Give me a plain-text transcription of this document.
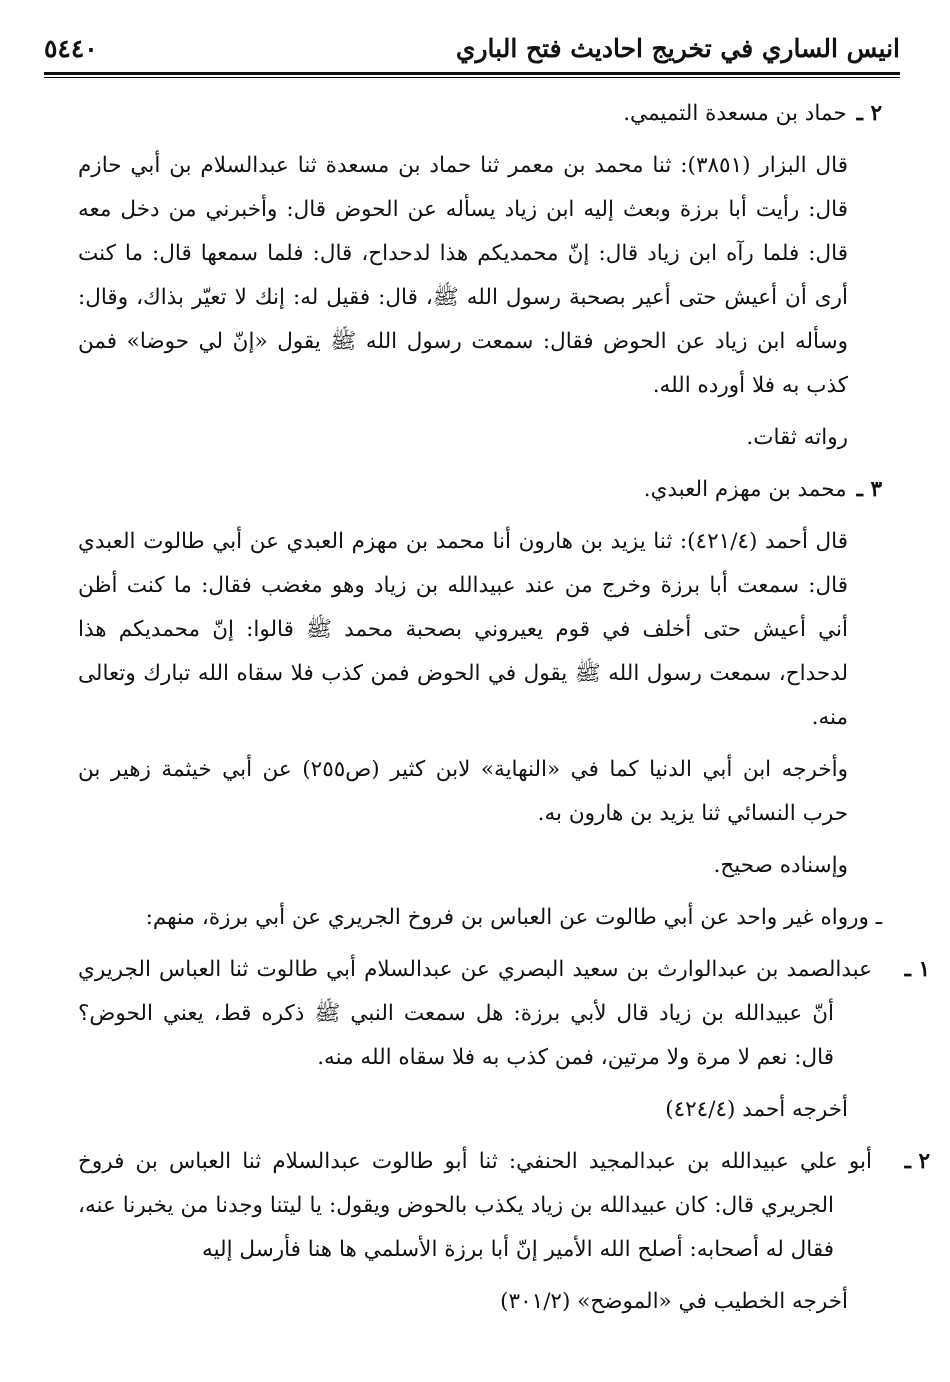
انيس الساري في تخريج احاديث فتح الباري
٥٤٤٠

٢ ـحماد بن مسعدة التميمي.

قال البزار (٣٨٥١): ثنا محمد بن معمر ثنا حماد بن مسعدة ثنا عبدالسلام بن أبي حازم قال: رأيت أبا برزة وبعث إليه ابن زياد يسأله عن الحوض قال: وأخبرني من دخل معه قال: فلما رآه ابن زياد قال: إنّ محمديكم هذا لدحداح، قال: فلما سمعها قال: ما كنت أرى أن أعيش حتى أعير بصحبة رسول الله ﷺ، قال: فقيل له: إنك لا تعيّر بذاك، وقال: وسأله ابن زياد عن الحوض فقال: سمعت رسول الله ﷺ يقول «إنّ لي حوضا» فمن كذب به فلا أورده الله.

رواته ثقات.

٣ ـمحمد بن مهزم العبدي.

قال أحمد (٤٢١/٤): ثنا يزيد بن هارون أنا محمد بن مهزم العبدي عن أبي طالوت العبدي قال: سمعت أبا برزة وخرج من عند عبيدالله بن زياد وهو مغضب فقال: ما كنت أظن أني أعيش حتى أخلف في قوم يعيروني بصحبة محمد ﷺ قالوا: إنّ محمديكم هذا لدحداح، سمعت رسول الله ﷺ يقول في الحوض فمن كذب فلا سقاه الله تبارك وتعالى منه.

وأخرجه ابن أبي الدنيا كما في «النهاية» لابن كثير (ص٢٥٥) عن أبي خيثمة زهير بن حرب النسائي ثنا يزيد بن هارون به.

وإسناده صحيح.

ـ ورواه غير واحد عن أبي طالوت عن العباس بن فروخ الجريري عن أبي برزة، منهم:

١ ـعبدالصمد بن عبدالوارث بن سعيد البصري عن عبدالسلام أبي طالوت ثنا العباس الجريري أنّ عبيدالله بن زياد قال لأبي برزة: هل سمعت النبي ﷺ ذكره قط، يعني الحوض؟ قال: نعم لا مرة ولا مرتين، فمن كذب به فلا سقاه الله منه.

أخرجه أحمد (٤٢٤/٤)

٢ ـأبو علي عبيدالله بن عبدالمجيد الحنفي: ثنا أبو طالوت عبدالسلام ثنا العباس بن فروخ الجريري قال: كان عبيدالله بن زياد يكذب بالحوض ويقول: يا ليتنا وجدنا من يخبرنا عنه، فقال له أصحابه: أصلح الله الأمير إنّ أبا برزة الأسلمي ها هنا فأرسل إليه

أخرجه الخطيب في «الموضح» (٣٠١/٢)
